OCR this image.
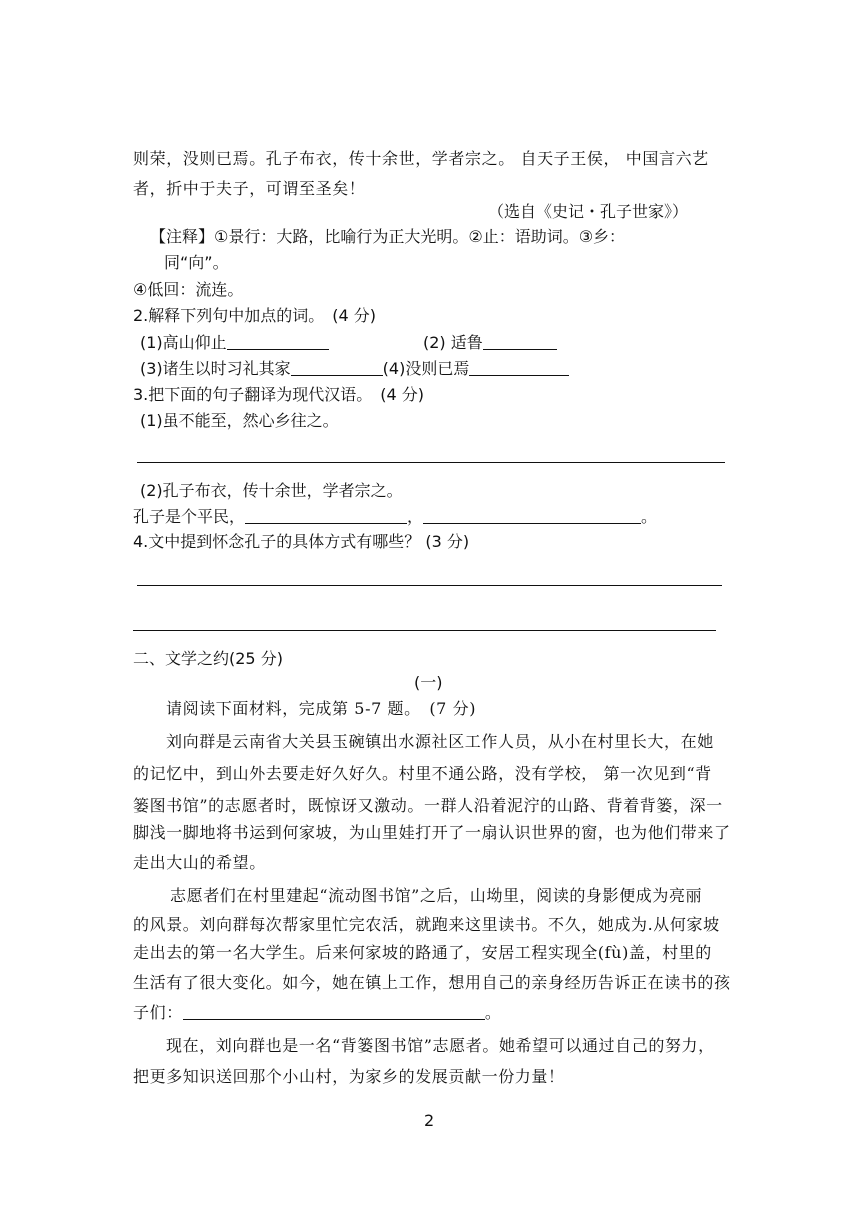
则荣，没则已焉。孔子布衣，传十余世，学者宗之。 自天子王侯， 中国言六艺
者，折中于夫子，可谓至圣矣！
（选自《史记・孔子世家》）
【注释】①景行：大路，比喻行为正大光明。②止：语助词。③乡：
同“向”。
④低回：流连。
2.解释下列句中加点的词。　(4 分)
(1)高山仰止	(2) 适鲁
(3)诸生以时习礼其家	(4)没则已焉
3.把下面的句子翻译为现代汉语。　(4 分)
(1)虽不能至，然心乡往之。
(2)孔子布衣，传十余世，学者宗之。
孔子是个平民，	，	。
4.文中提到怀念孔子的具体方式有哪些？ (3 分)
二、文学之约(25 分)
(一)
请阅读下面材料，完成第 5-7 题。　(7 分)
刘向群是云南省大关县玉碗镇出水源社区工作人员，从小在村里长大，在她
的记忆中，到山外去要走好久好久。村里不通公路，没有学校， 第一次见到“背
篓图书馆”的志愿者时，既惊讶又激动。一群人沿着泥泞的山路、背着背篓，深一
脚浅一脚地将书运到何家坡，为山里娃打开了一扇认识世界的窗，也为他们带来了
走出大山的希望。
志愿者们在村里建起“流动图书馆”之后，山坳里，阅读的身影便成为亮丽
的风景。刘向群每次帮家里忙完农活，就跑来这里读书。不久，她成为.从何家坡
走出去的第一名大学生。后来何家坡的路通了，安居工程实现全(fù)盖，村里的
生活有了很大变化。如今，她在镇上工作，想用自己的亲身经历告诉正在读书的孩
子们：	。
现在，刘向群也是一名“背篓图书馆”志愿者。她希望可以通过自己的努力，
把更多知识送回那个小山村，为家乡的发展贡献一份力量！
2
